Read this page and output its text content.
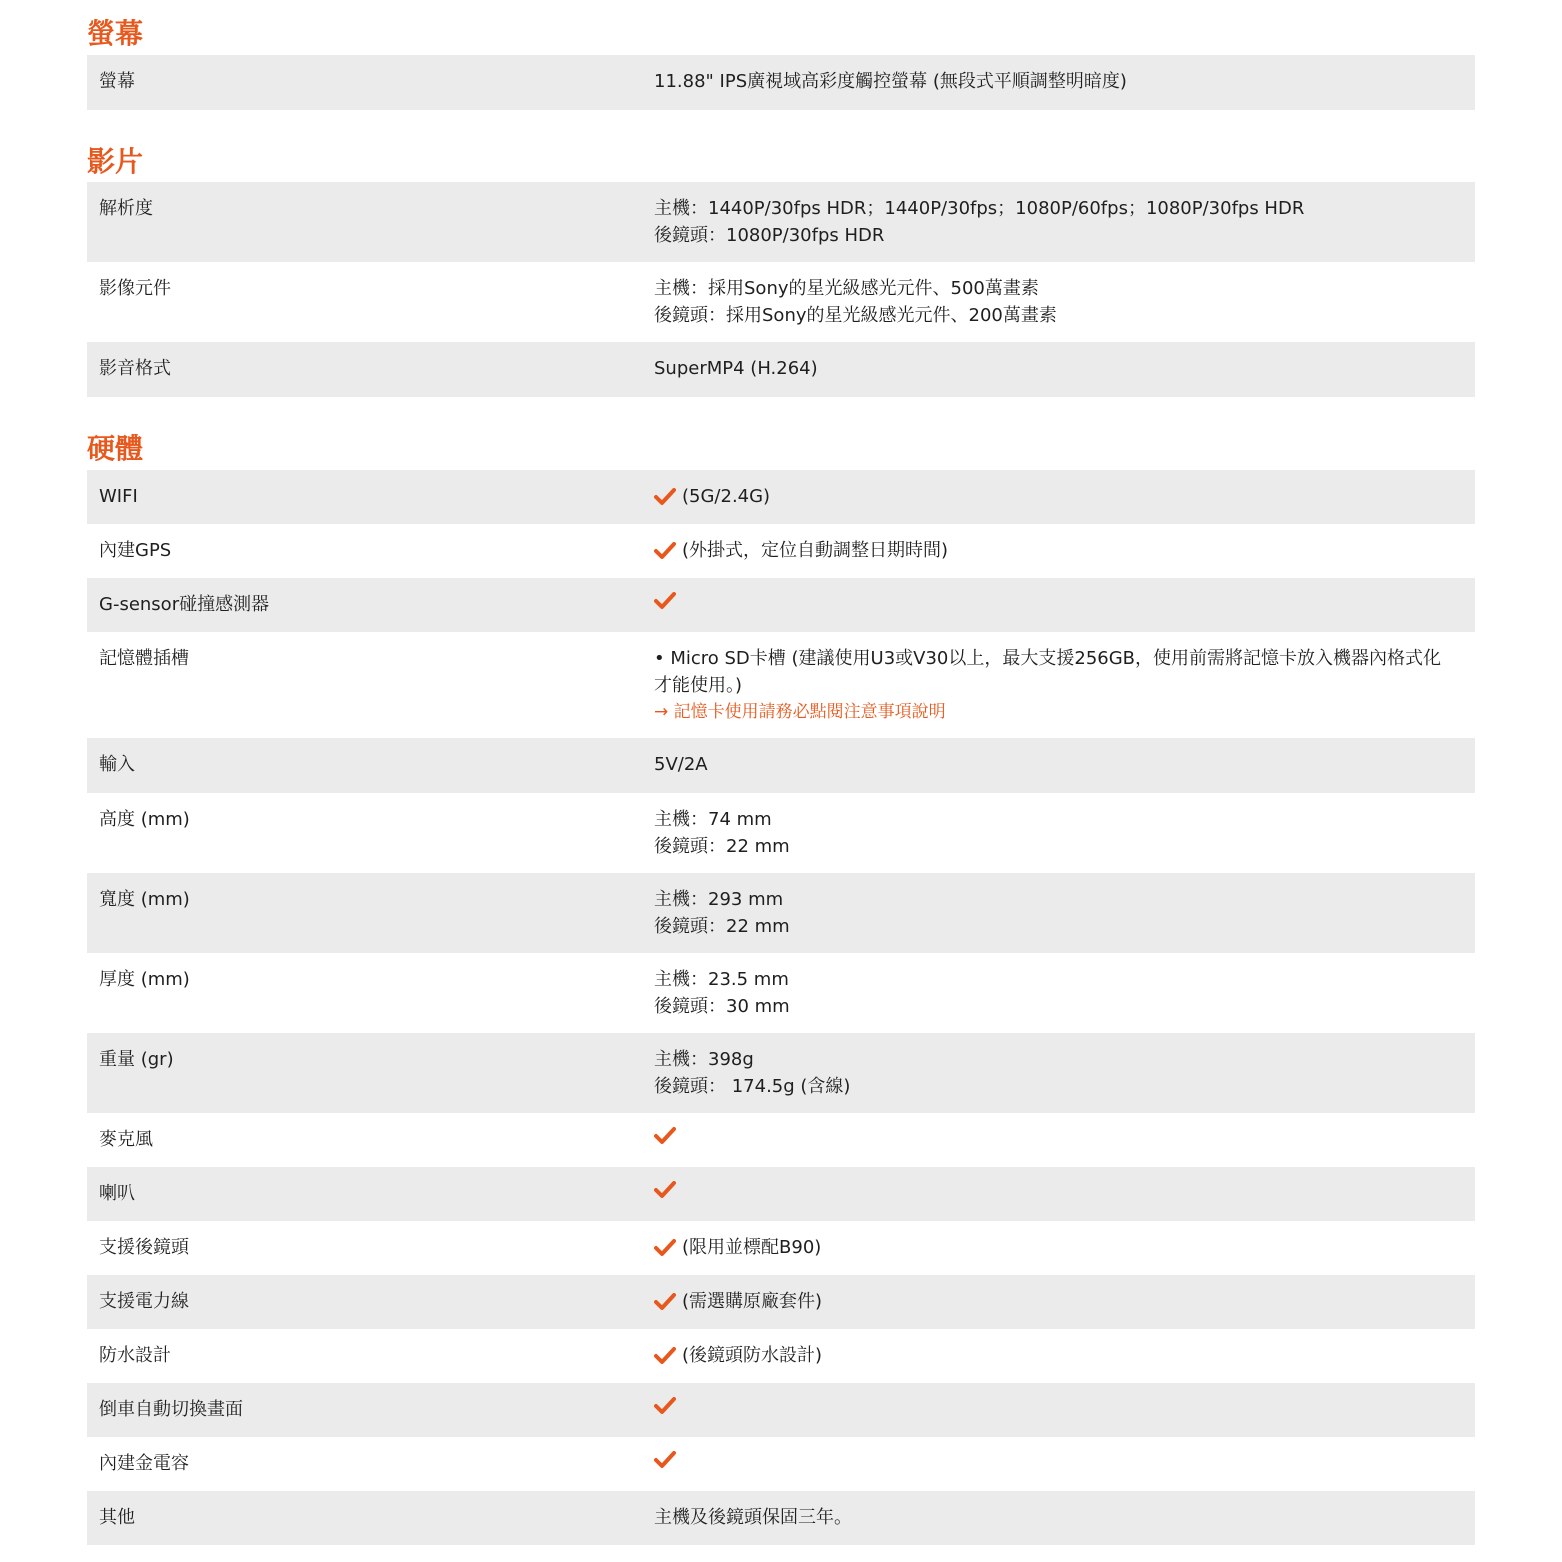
螢幕
螢幕	11.88" IPS廣視域高彩度觸控螢幕 (無段式平順調整明暗度)
影片
解析度	主機：1440P/30fps HDR；1440P/30fps；1080P/60fps；1080P/30fps HDR
後鏡頭：1080P/30fps HDR
影像元件	主機：採用Sony的星光級感光元件、500萬畫素
後鏡頭：採用Sony的星光級感光元件、200萬畫素
影音格式	SuperMP4 (H.264)
硬體
WIFI	(5G/2.4G)
內建GPS	(外掛式，定位自動調整日期時間)
G-sensor碰撞感測器
記憶體插槽	• Micro SD卡槽 (建議使用U3或V30以上，最大支援256GB，使用前需將記憶卡放入機器內格式化才能使用。)
→ 記憶卡使用請務必點閱注意事項說明
輸入	5V/2A
高度 (mm)	主機：74 mm
後鏡頭：22 mm
寬度 (mm)	主機：293 mm
後鏡頭：22 mm
厚度 (mm)	主機：23.5 mm
後鏡頭：30 mm
重量 (gr)	主機：398g
後鏡頭： 174.5g (含線)
麥克風
喇叭
支援後鏡頭	(限用並標配B90)
支援電力線	(需選購原廠套件)
防水設計	(後鏡頭防水設計)
倒車自動切換畫面
內建金電容
其他	主機及後鏡頭保固三年。
